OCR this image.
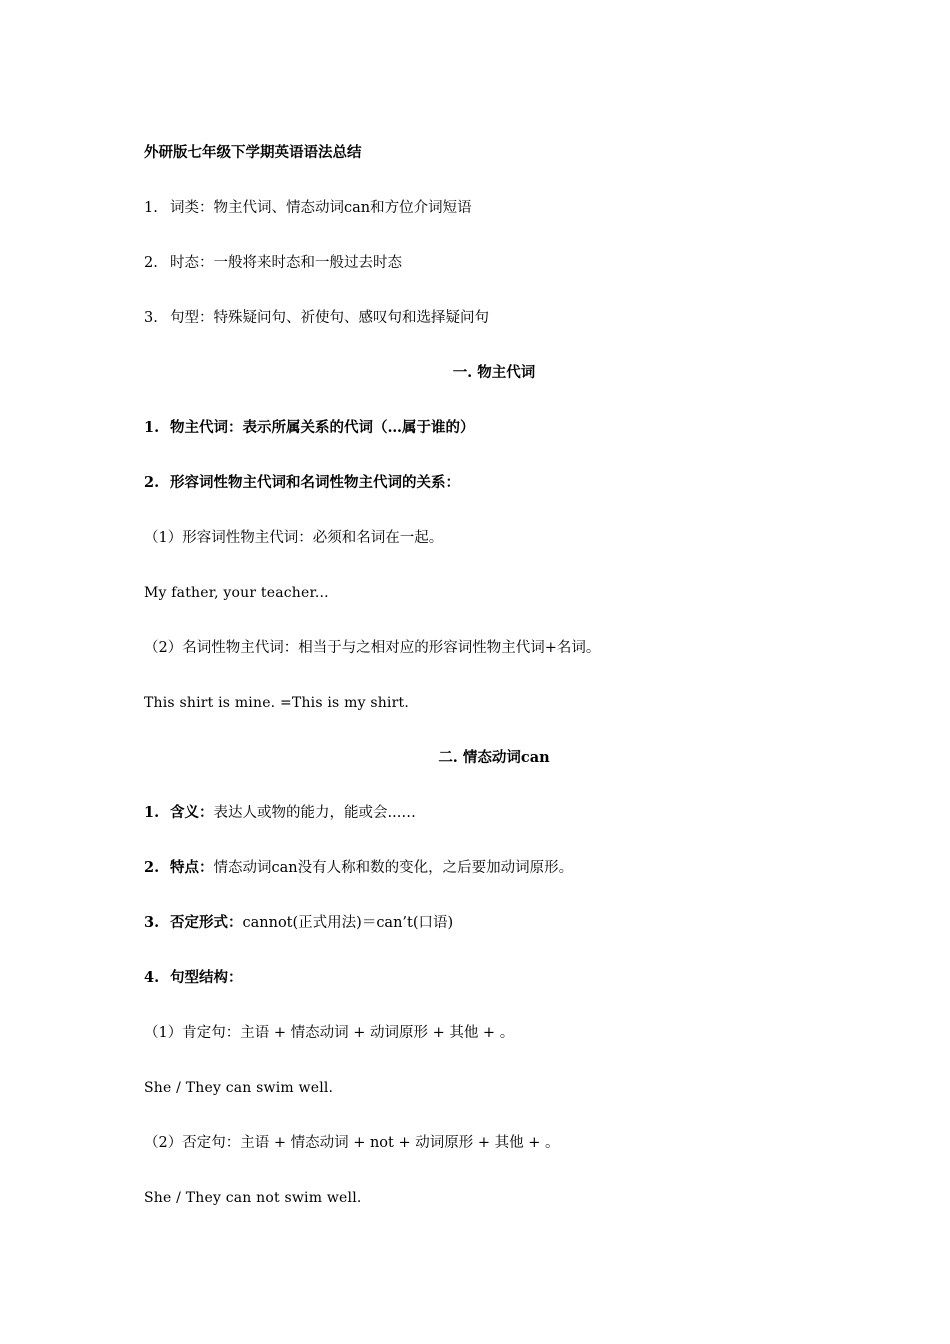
外研版七年级下学期英语语法总结
1. 词类：物主代词、情态动词can和方位介词短语
2. 时态：一般将来时态和一般过去时态
3. 句型：特殊疑问句、祈使句、感叹句和选择疑问句
一. 物主代词
1. 物主代词：表示所属关系的代词（…属于谁的）
2. 形容词性物主代词和名词性物主代词的关系：
（1）形容词性物主代词：必须和名词在一起。
My father, your teacher...
（2）名词性物主代词：相当于与之相对应的形容词性物主代词+名词。
This shirt is mine. =This is my shirt.
二. 情态动词can
1. 含义：表达人或物的能力，能或会...…
2. 特点：情态动词can没有人称和数的变化，之后要加动词原形。
3. 否定形式：cannot(正式用法)＝can’t(口语)
4. 句型结构：
（1）肯定句：主语 + 情态动词 + 动词原形 + 其他 + 。
She / They can swim well.
（2）否定句：主语 + 情态动词 + not + 动词原形 + 其他 + 。
She / They can not swim well.
